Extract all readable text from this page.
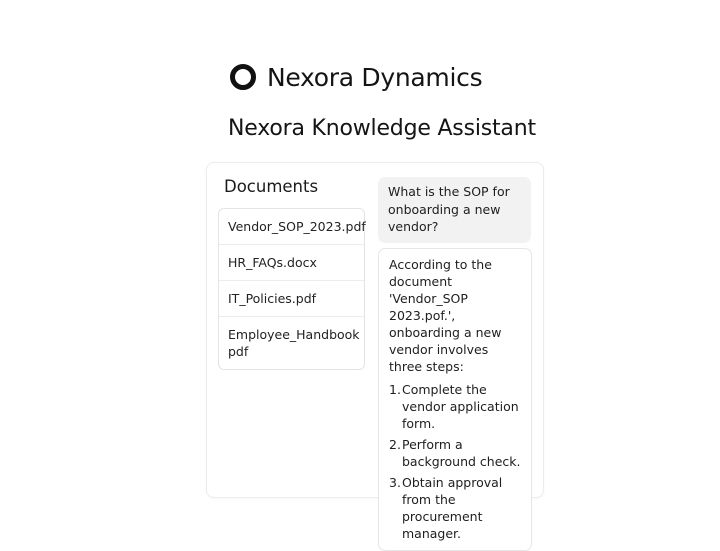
Nexora Dynamics
Nexora Knowledge Assistant
Documents
Vendor_SOP_2023.pdf
HR_FAQs.docx
IT_Policies.pdf
Employee_Handbook pdf
What is the SOP for onboarding a new vendor?
According to the document 'Vendor_SOP 2023.pof.', onboarding a new vendor involves three steps:
1. Complete the vendor application form.
2. Perform a background check.
3. Obtain approval from the procurement manager.
